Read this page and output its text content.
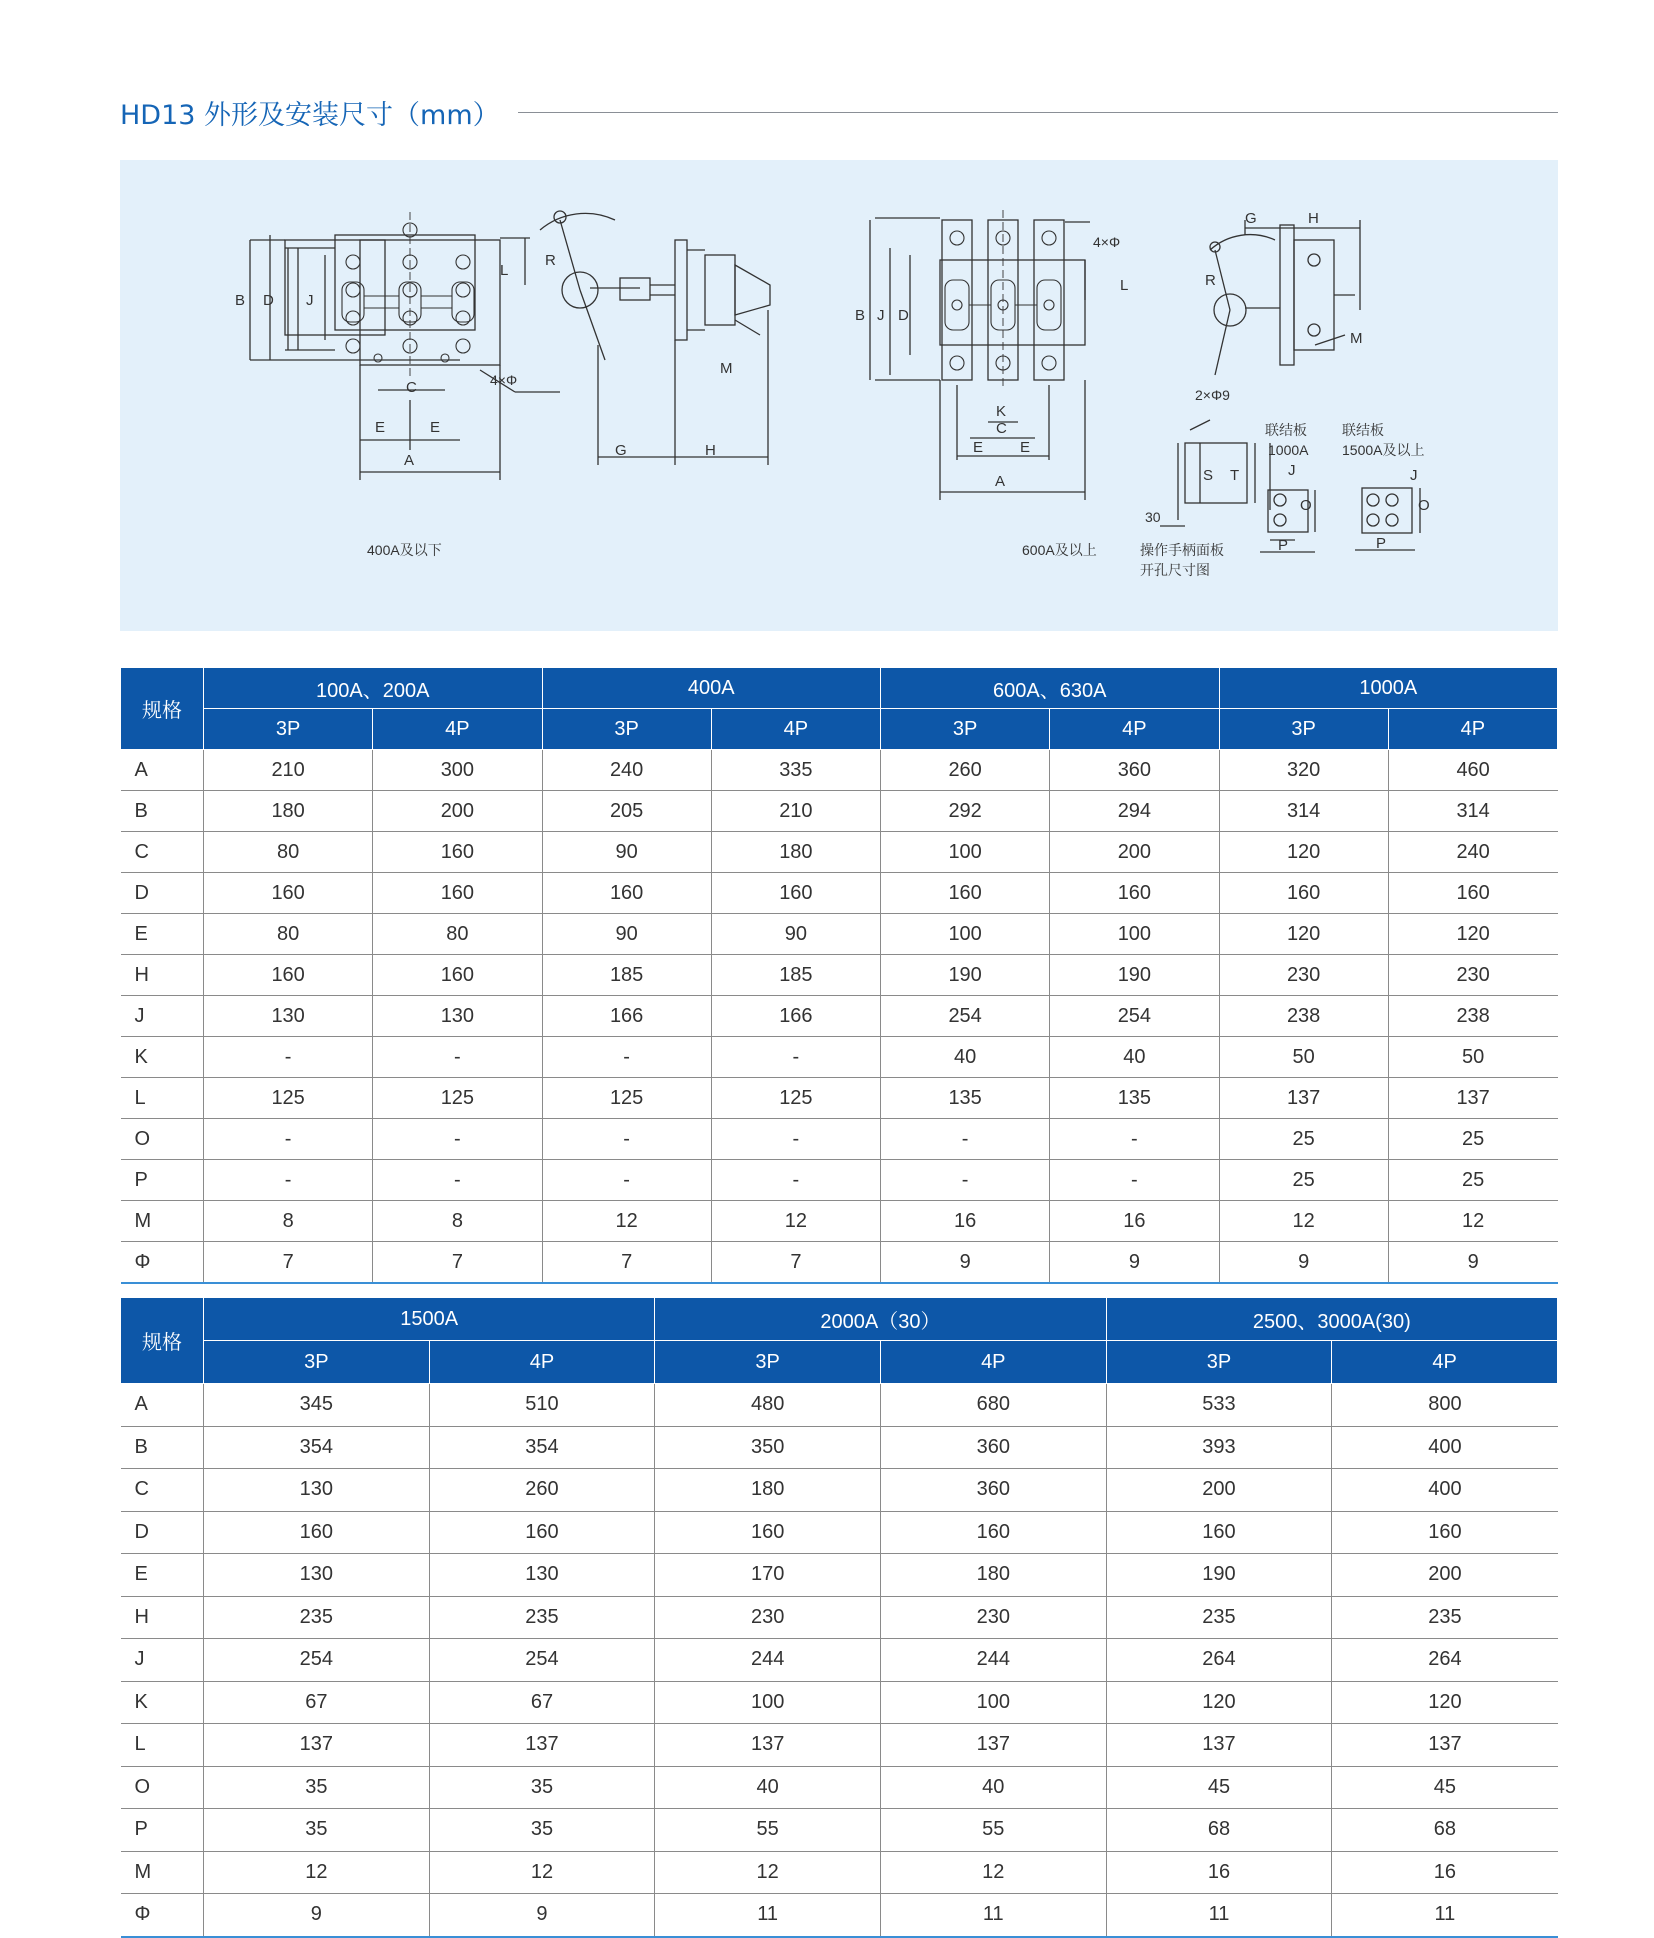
HD13 外形及安装尺寸（mm）
B D J
C
E	E
A
4×Φ
L
R
G	H
M
400A及以下
B J D
K
C
E E
A
4×Φ
L	R
G	H
M
2×Φ9
S T
30
联结板
1000A
联结板
1500A及以上
J
O
P
J
O
P
600A及以上	操作手柄面板
开孔尺寸图
规格	100A、200A		400A		600A、630A		1000A	
	3P	4P	3P	4P	3P	4P	3P	4P
A	210	300	240	335	260	360	320	460
B	180	200	205	210	292	294	314	314
C	80	160	90	180	100	200	120	240
D	160	160	160	160	160	160	160	160
E	80	80	90	90	100	100	120	120
H	160	160	185	185	190	190	230	230
J	130	130	166	166	254	254	238	238
K	-	-	-	-	40	40	50	50
L	125	125	125	125	135	135	137	137
O	-	-	-	-	-	-	25	25
P	-	-	-	-	-	-	25	25
M	8	8	12	12	16	16	12	12
Φ	7	7	7	7	9	9	9	9
规格	1500A		2000A（30）		2500、3000A(30)	
	3P	4P	3P	4P	3P	4P
A	345	510	480	680	533	800
B	354	354	350	360	393	400
C	130	260	180	360	200	400
D	160	160	160	160	160	160
E	130	130	170	180	190	200
H	235	235	230	230	235	235
J	254	254	244	244	264	264
K	67	67	100	100	120	120
L	137	137	137	137	137	137
O	35	35	40	40	45	45
P	35	35	55	55	68	68
M	12	12	12	12	16	16
Φ	9	9	11	11	11	11
